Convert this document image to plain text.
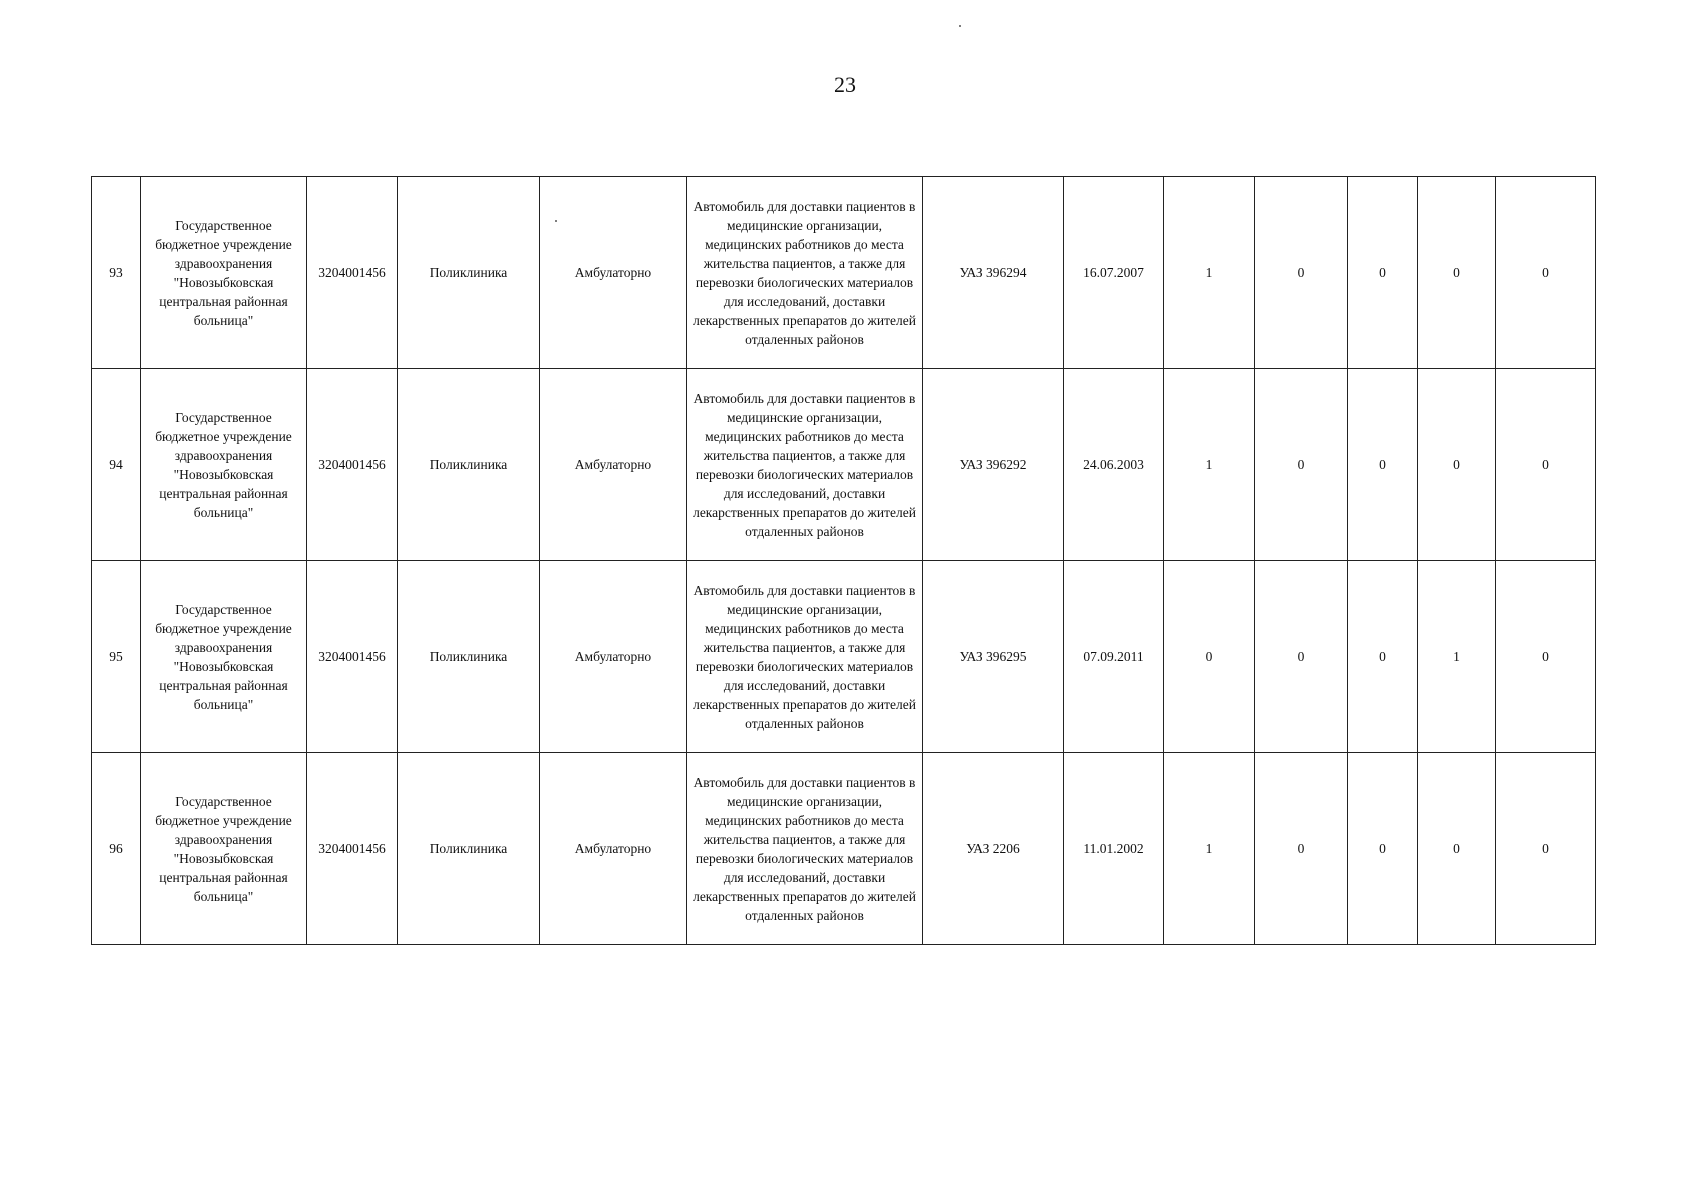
23
93	Государственное бюджетное учреждение здравоохранения "Новозыбковская центральная районная больница"	3204001456	Поликлиника	Амбулаторно	Автомобиль для доставки пациентов в медицинские организации, медицинских работников до места жительства пациентов, а также для перевозки биологических материалов для исследований, доставки лекарственных препаратов до жителей отдаленных районов	УАЗ 396294	16.07.2007	1	0	0	0	0
94	Государственное бюджетное учреждение здравоохранения "Новозыбковская центральная районная больница"	3204001456	Поликлиника	Амбулаторно	Автомобиль для доставки пациентов в медицинские организации, медицинских работников до места жительства пациентов, а также для перевозки биологических материалов для исследований, доставки лекарственных препаратов до жителей отдаленных районов	УАЗ 396292	24.06.2003	1	0	0	0	0
95	Государственное бюджетное учреждение здравоохранения "Новозыбковская центральная районная больница"	3204001456	Поликлиника	Амбулаторно	Автомобиль для доставки пациентов в медицинские организации, медицинских работников до места жительства пациентов, а также для перевозки биологических материалов для исследований, доставки лекарственных препаратов до жителей отдаленных районов	УАЗ 396295	07.09.2011	0	0	0	1	0
96	Государственное бюджетное учреждение здравоохранения "Новозыбковская центральная районная больница"	3204001456	Поликлиника	Амбулаторно	Автомобиль для доставки пациентов в медицинские организации, медицинских работников до места жительства пациентов, а также для перевозки биологических материалов для исследований, доставки лекарственных препаратов до жителей отдаленных районов	УАЗ 2206	11.01.2002	1	0	0	0	0
